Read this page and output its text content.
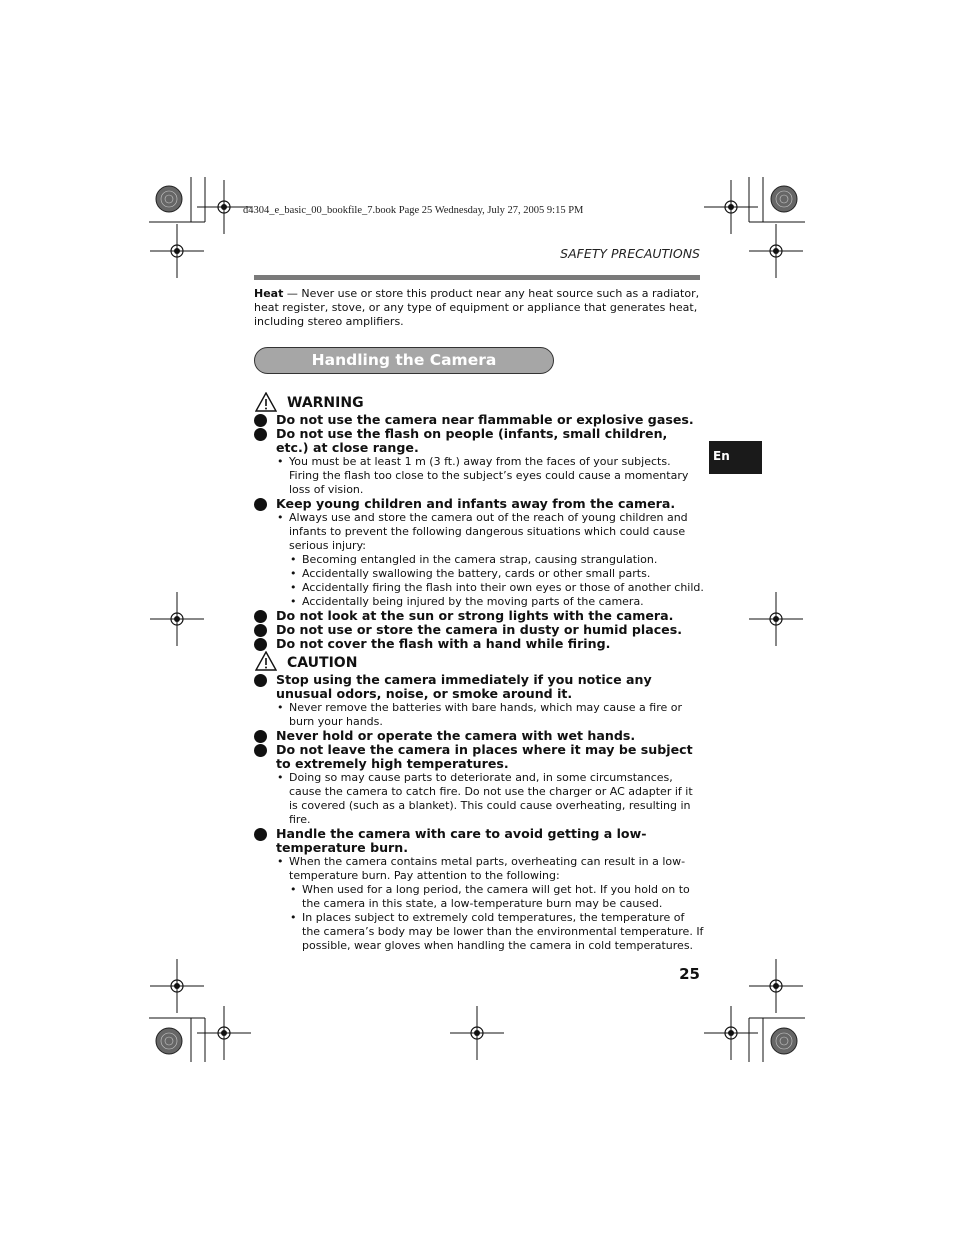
d4304_e_basic_00_bookfile_7.book Page 25 Wednesday, July 27, 2005 9:15 PM
SAFETY PRECAUTIONS
Heat — Never use or store this product near any heat source such as a radiator, heat register, stove, or any type of equipment or appliance that generates heat, including stereo amplifiers.
Handling the Camera
WARNING
Do not use the camera near flammable or explosive gases.
Do not use the flash on people (infants, small children, etc.) at close range.
• You must be at least 1 m (3 ft.) away from the faces of your subjects. Firing the flash too close to the subject’s eyes could cause a momentary loss of vision.
Keep young children and infants away from the camera.
• Always use and store the camera out of the reach of young children and infants to prevent the following dangerous situations which could cause serious injury:
• Becoming entangled in the camera strap, causing strangulation.
• Accidentally swallowing the battery, cards or other small parts.
• Accidentally firing the flash into their own eyes or those of another child.
• Accidentally being injured by the moving parts of the camera.
Do not look at the sun or strong lights with the camera.
Do not use or store the camera in dusty or humid places.
Do not cover the flash with a hand while firing.
CAUTION
Stop using the camera immediately if you notice any unusual odors, noise, or smoke around it.
• Never remove the batteries with bare hands, which may cause a fire or burn your hands.
Never hold or operate the camera with wet hands.
Do not leave the camera in places where it may be subject to extremely high temperatures.
• Doing so may cause parts to deteriorate and, in some circumstances, cause the camera to catch fire. Do not use the charger or AC adapter if it is covered (such as a blanket). This could cause overheating, resulting in fire.
Handle the camera with care to avoid getting a low-temperature burn.
• When the camera contains metal parts, overheating can result in a low-temperature burn. Pay attention to the following:
• When used for a long period, the camera will get hot. If you hold on to the camera in this state, a low-temperature burn may be caused.
• In places subject to extremely cold temperatures, the temperature of the camera’s body may be lower than the environmental temperature. If possible, wear gloves when handling the camera in cold temperatures.
En
25
